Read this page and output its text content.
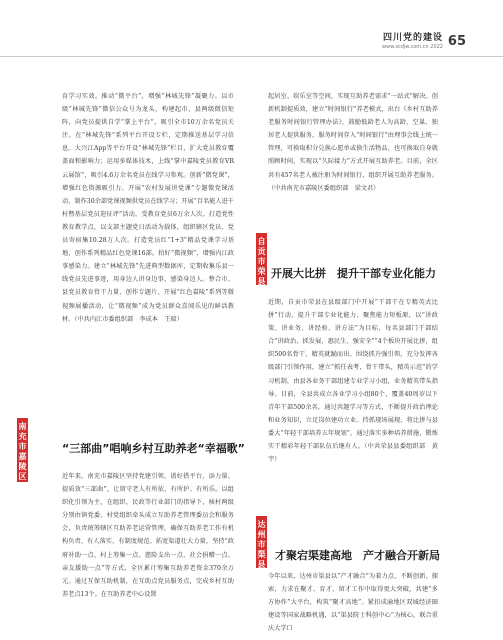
四川党的建设
www.scdjw.com.cn 2022 65

育学习实效。推动“微平台”，增强“林城先锋”凝聚力。以市级“林城先锋”微信公众号为龙头，构建起市、县两级微信矩阵，向党员提供自学“掌上平台”，吸引全市10万余名党员关注。在“林城先锋”系列平台开设专栏，定期推送基层学习信息。大兴江App等平台开设“林城先锋”栏目，扩大党员教育覆盖面和影响力；运用多媒体技术，上线“掌中嘉陵党员教育VR云展馆”，吸引4.6万余名党员在线学习参观。创新“微党课”，增强红色资源吸引力。开展“农村发展讲党课”专题微党课活动，制作30余部党课视频供党员在线学习；开展“百名能人进千村暨基层党员迎征评”活动，受教育党员6万余人次。打造党性教育教学点，以支部主题党日活动为载体，组织辖区党员、党员寄宿集10.28万人次。打造党员红“1+3”精品党课学习基地，创作系列精品红色党课16部。拍好“微视频”，增强内江政事感染力。建立“林城先锋”先进典型数据库，定期收集乐县一线党员先进事迹，用身边人讲身边事，感染身边人。整合市、县党员教育骨干力量，创作专题片、开展“红色嘉陵”系列等微视频展播活动，让“微视频”成为党员群众喜闻乐见的鲜活教材。（中共内江市委组织部　李成本　王瑞）

南充市嘉陵区
“三部曲”唱响乡村互助养老“幸福歌”

近年来，南充市嘉陵区坚持党建引领，谱好搭平台、添力量、提质效“三部曲”，让留守老人有所依、有所护、有所乐。以组织化引领为主，在组织、民政等行业部门的指导下，核村两级分别由镇党委、村党组织牵头成立互助养老管理委员会和服务会，负责统筹辖区互助养老运营管理，确保互助养老工作有机构负责、有人落实、有制度规范。拓宽渠道壮大力量，坚持“政府补助一点、村上筹集一点、慈险支出一点、社会捐赠一点、亲友援助一点”等方式，全区累计筹集互助养老资金370余万元。通过互保互助机制，在互助点党员服务点，完成乡村互助养老点13个。在互助养老中心设置

起居室、娱乐室等空间，实现互助养老需求“一站式”解决。创新机制提质效，建立“时间银行”养老模式，出台《乡村互助养老服务时间银行管理办法》，鼓励低龄老人为高龄、空巢、独居老人提供服务，服务时间存入“时间银行”由理事会线上统一管理，可换取积分兑换心愿单或换生活物品，也可换取自身就照顾时间，实现以“久际接力”方式开展互助养老。目前，全区共有457名老人被注册为时间银行，组织开展互助养老服务。（中共南充市嘉陵区委组织部　梁文君）

自贡市荣县
开展大比拼　提升干部专业化能力

近期，自贡市荣县在县级部门中开展“干部干在专精英式比拼”行动，提升干部专业化能力、聚焦能力短板原，以“讲政策、讲业务、讲经验、讲方法”为目标，每名县部门干部结合“讲政治、抓发展、惠民生、强安全”“4个板块开展比拼，组织500名骨干、精英就踊而出。围绕抓升强引领，充分发挥各级部门引领作用，建立“抓任表考，骨干带头，精英示范”的学习机制，由县各业务干部组建专业学习小组，业务精英带头指导。目前，全县共成立各业学习小组80个，覆盖40周岁以下青年干部500余名，通过共题学习等方式，不断提升政治理论和业务知识，立足岗位建功立业。持抓现场展现，将比拼与县委大“年轻干部培养五年规划”，通过落实多种培养措施，锻炼实干精彩年轻干部队伍后继有人。（中共荣县县委组织部　黄宇）

达州市渠县
才聚宕渠建高地　产才融合开新局

今年以来，达州市渠县以“产才融合”为着力点，不断创新、探索，力求在聚才、育才、留才工作中取得更大突破，共建“多方协作”大平台，构筑“聚才高地”。紧扣成渝地区双城经济圈建设等国家战略机遇，以“渠县院士科创中心”为核心，联合重庆大学口
